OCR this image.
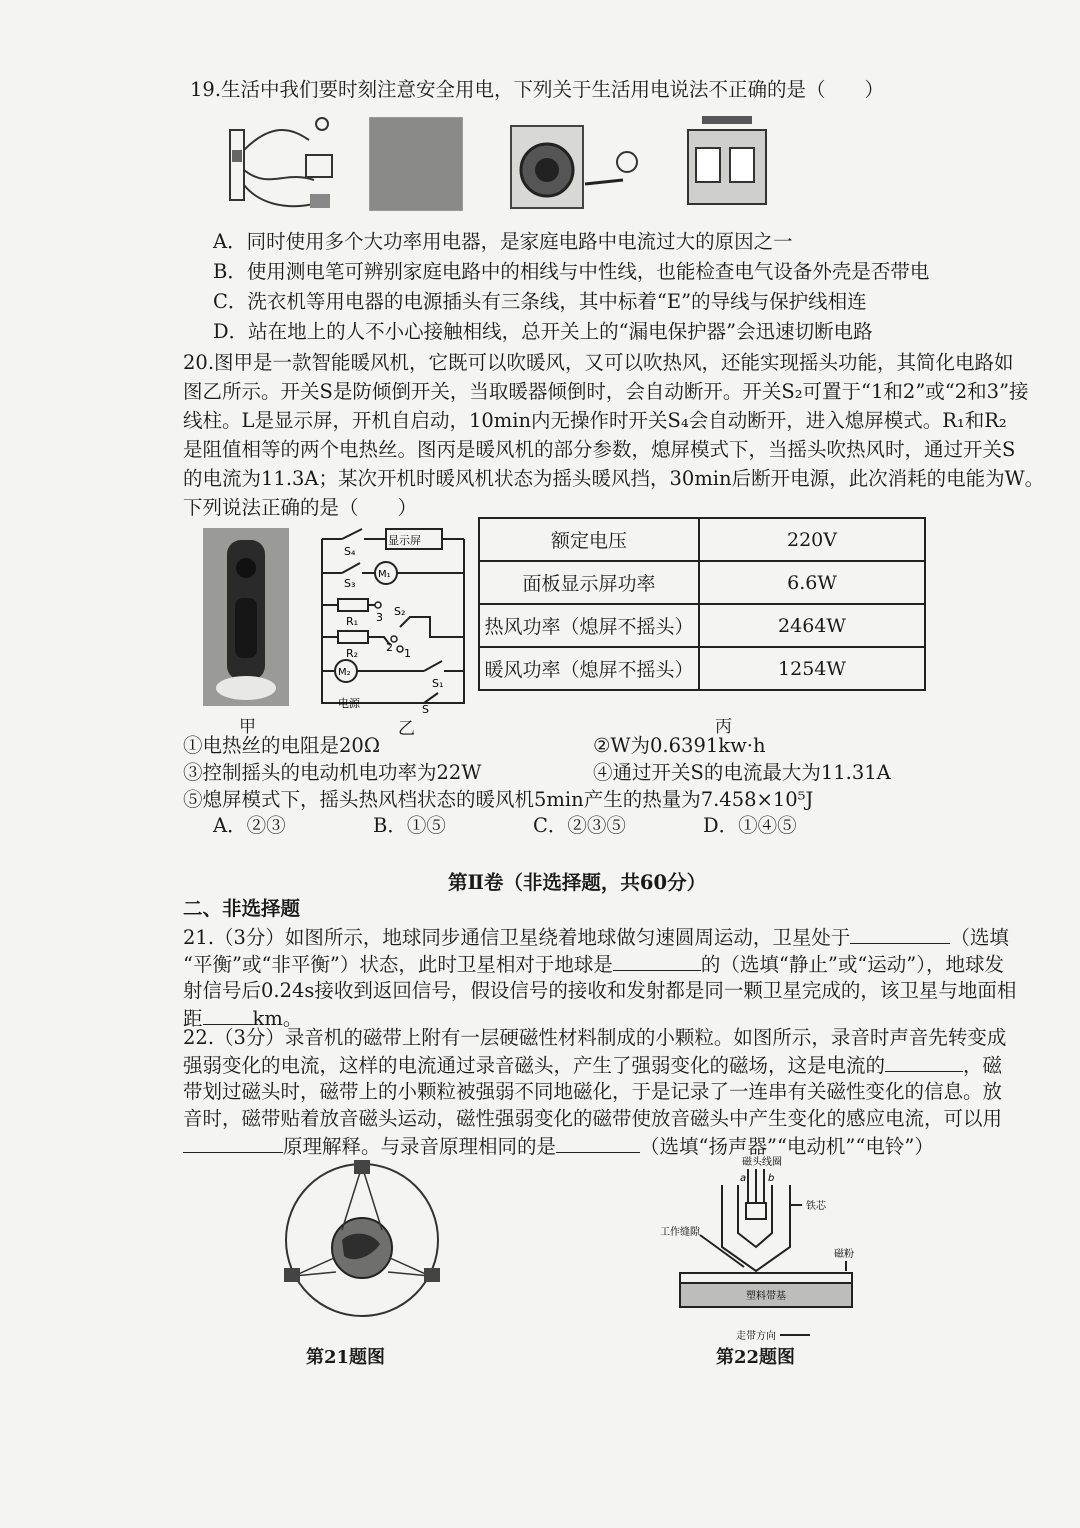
19.生活中我们要时刻注意安全用电，下列关于生活用电说法不正确的是（　　）
A．同时使用多个大功率用电器，是家庭电路中电流过大的原因之一
B．使用测电笔可辨别家庭电路中的相线与中性线，也能检查电气设备外壳是否带电
C．洗衣机等用电器的电源插头有三条线，其中标着“E”的导线与保护线相连
D．站在地上的人不小心接触相线，总开关上的“漏电保护器”会迅速切断电路
20.图甲是一款智能暖风机，它既可以吹暖风，又可以吹热风，还能实现摇头功能，其简化电路如
图乙所示。开关S是防倾倒开关，当取暖器倾倒时，会自动断开。开关S₂可置于“1和2”或“2和3”接
线柱。L是显示屏，开机自启动，10min内无操作时开关S₄会自动断开，进入熄屏模式。R₁和R₂
是阻值相等的两个电热丝。图丙是暖风机的部分参数，熄屏模式下，当摇头吹热风时，通过开关S
的电流为11.3A；某次开机时暖风机状态为摇头暖风挡，30min后断开电源，此次消耗的电能为W。
下列说法正确的是（　　）
甲
显示屏
S₄
S₃
M₁
R₁
R₂
3
2 1
S₂
M₂
S₁
电源	S
乙
额定电压	220V
面板显示屏功率	6.6W
热风功率（熄屏不摇头）	2464W
暖风功率（熄屏不摇头）	1254W
丙
①电热丝的电阻是20Ω	②W为0.6391kw·h
③控制摇头的电动机电功率为22W	④通过开关S的电流最大为11.31A
⑤熄屏模式下，摇头热风档状态的暖风机5min产生的热量为7.458×10⁵J
A．②③	B．①⑤	C．②③⑤	D．①④⑤
第Ⅱ卷（非选择题，共60分）
二、非选择题
21.（3分）如图所示，地球同步通信卫星绕着地球做匀速圆周运动，卫星处于	（选填
“平衡”或“非平衡”）状态，此时卫星相对于地球是	的（选填“静止”或“运动”），地球发
射信号后0.24s接收到返回信号，假设信号的接收和发射都是同一颗卫星完成的，该卫星与地面相
距	km。
22.（3分）录音机的磁带上附有一层硬磁性材料制成的小颗粒。如图所示，录音时声音先转变成
强弱变化的电流，这样的电流通过录音磁头，产生了强弱变化的磁场，这是电流的	，磁
带划过磁头时，磁带上的小颗粒被强弱不同地磁化，于是记录了一连串有关磁性变化的信息。放
音时，磁带贴着放音磁头运动，磁性强弱变化的磁带使放音磁头中产生变化的感应电流，可以用
原理解释。与录音原理相同的是	（选填“扬声器”“电动机”“电铃”）
第21题图
磁头线圈
a b
铁芯
工作缝隙
磁粉
塑料带基
走带方向
第22题图
